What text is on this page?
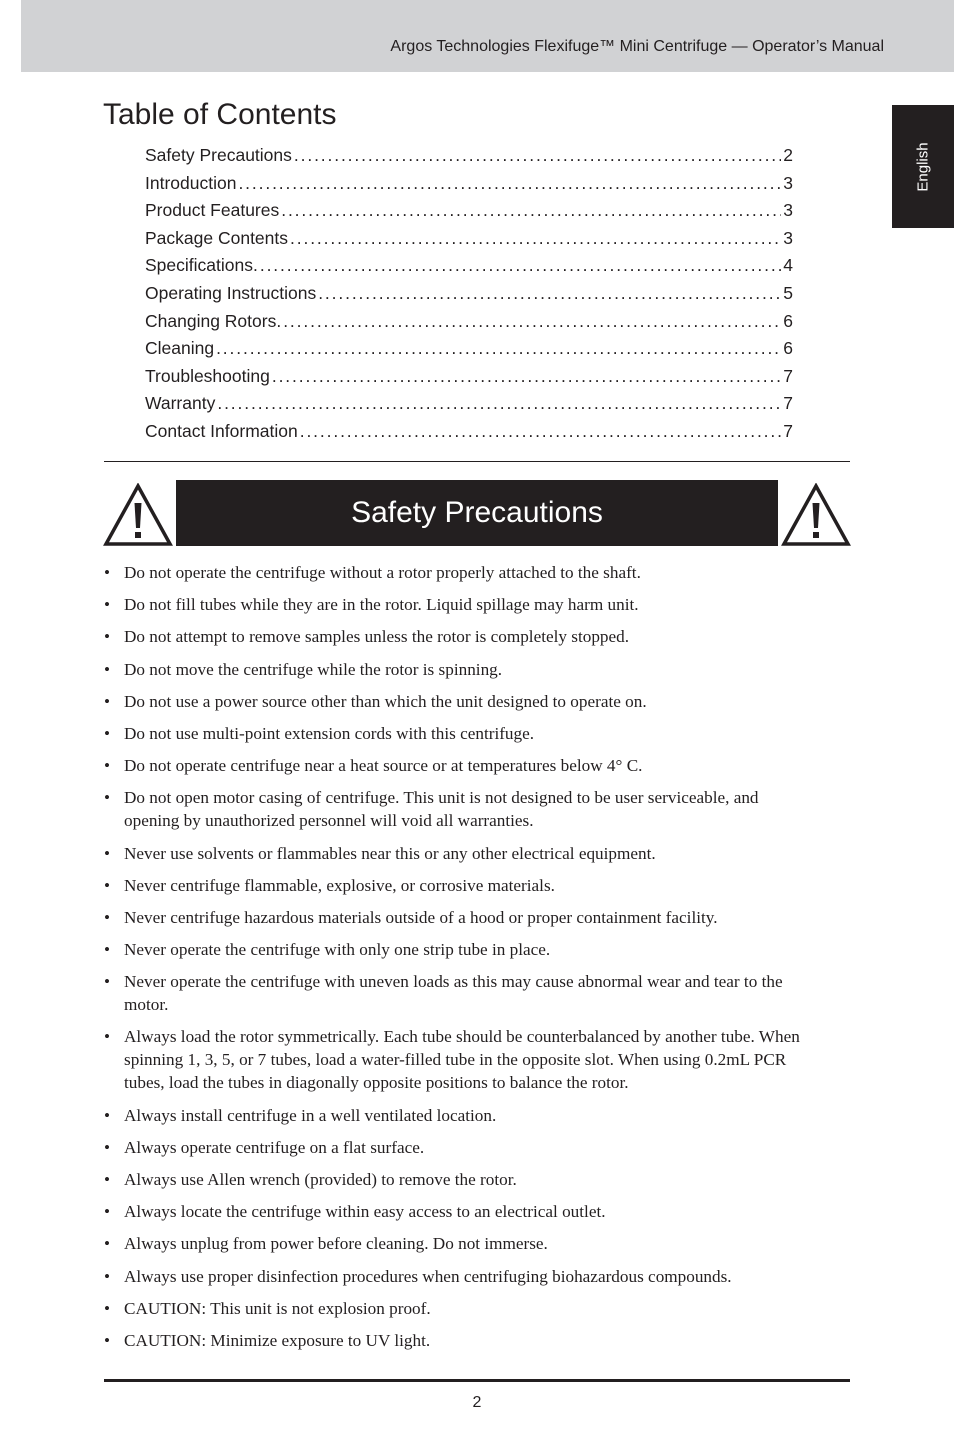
Argos Technologies Flexifuge™ Mini Centrifuge — Operator’s Manual
English
Table of Contents
Safety Precautions . . .	2
Introduction . . .	3
Product Features . . .	3
Package Contents . . .	3
Specifications. . . .	4
Operating Instructions . . .	5
Changing Rotors. . . .	6
Cleaning . . .	6
Troubleshooting . . .	7
Warranty . . .	7
Contact Information . . .	7
Safety Precautions
• Do not operate the centrifuge without a rotor properly attached to the shaft.
• Do not fill tubes while they are in the rotor. Liquid spillage may harm unit.
• Do not attempt to remove samples unless the rotor is completely stopped.
• Do not move the centrifuge while the rotor is spinning.
• Do not use a power source other than which the unit designed to operate on.
• Do not use multi-point extension cords with this centrifuge.
• Do not operate centrifuge near a heat source or at temperatures below 4° C.
• Do not open motor casing of centrifuge. This unit is not designed to be user serviceable, and opening by unauthorized personnel will void all warranties.
• Never use solvents or flammables near this or any other electrical equipment.
• Never centrifuge flammable, explosive, or corrosive materials.
• Never centrifuge hazardous materials outside of a hood or proper containment facility.
• Never operate the centrifuge with only one strip tube in place.
• Never operate the centrifuge with uneven loads as this may cause abnormal wear and tear to the motor.
• Always load the rotor symmetrically. Each tube should be counterbalanced by another tube. When spinning 1, 3, 5, or 7 tubes, load a water-filled tube in the opposite slot. When using 0.2mL PCR tubes, load the tubes in diagonally opposite positions to balance the rotor.
• Always install centrifuge in a well ventilated location.
• Always operate centrifuge on a flat surface.
• Always use Allen wrench (provided) to remove the rotor.
• Always locate the centrifuge within easy access to an electrical outlet.
• Always unplug from power before cleaning. Do not immerse.
• Always use proper disinfection procedures when centrifuging biohazardous compounds.
• CAUTION: This unit is not explosion proof.
• CAUTION: Minimize exposure to UV light.
2
